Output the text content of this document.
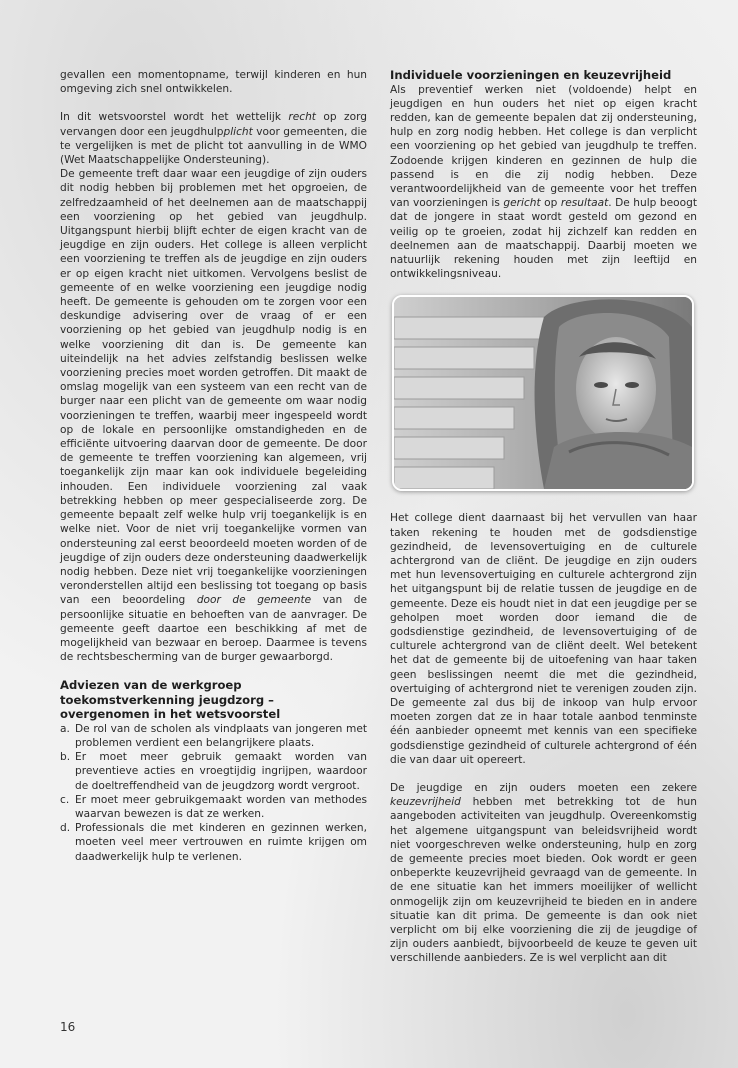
gevallen een momentopname, terwijl kinderen en hun omgeving zich snel ontwikkelen.

In dit wetsvoorstel wordt het wettelijk recht op zorg vervangen door een jeugdhulpplicht voor gemeenten, die te vergelijken is met de plicht tot aanvulling in de WMO (Wet Maatschappelijke Ondersteuning).

De gemeente treft daar waar een jeugdige of zijn ouders dit nodig hebben bij problemen met het opgroeien, de zelfredzaamheid of het deelnemen aan de maatschappij een voorziening op het gebied van jeugdhulp. Uitgangspunt hierbij blijft echter de eigen kracht van de jeugdige en zijn ouders. Het college is alleen verplicht een voorziening te treffen als de jeugdige en zijn ouders er op eigen kracht niet uitkomen. Vervolgens beslist de gemeente of en welke voorziening een jeugdige nodig heeft. De gemeente is gehouden om te zorgen voor een deskundige advisering over de vraag of er een voorziening op het gebied van jeugdhulp nodig is en welke voorziening dit dan is. De gemeente kan uiteindelijk na het advies zelfstandig beslissen welke voorziening precies moet worden getroffen. Dit maakt de omslag mogelijk van een systeem van een recht van de burger naar een plicht van de gemeente om waar nodig voorzieningen te treffen, waarbij meer ingespeeld wordt op de lokale en persoonlijke omstandigheden en de efficiënte uitvoering daarvan door de gemeente. De door de gemeente te treffen voorziening kan algemeen, vrij toegankelijk zijn maar kan ook individuele begeleiding inhouden. Een individuele voorziening zal vaak betrekking hebben op meer gespecialiseerde zorg. De gemeente bepaalt zelf welke hulp vrij toegankelijk is en welke niet. Voor de niet vrij toegankelijke vormen van ondersteuning zal eerst beoordeeld moeten worden of de jeugdige of zijn ouders deze ondersteuning daadwerkelijk nodig hebben. Deze niet vrij toegankelijke voorzieningen veronderstellen altijd een beslissing tot toegang op basis van een beoordeling door de gemeente van de persoonlijke situatie en behoeften van de aanvrager. De gemeente geeft daartoe een beschikking af met de mogelijkheid van bezwaar en beroep. Daarmee is tevens de rechtsbescherming van de burger gewaarborgd.

Adviezen van de werkgroep toekomstverkenning jeugdzorg – overgenomen in het wetsvoorstel
a. De rol van de scholen als vindplaats van jongeren met problemen verdient een belangrijkere plaats.
b. Er moet meer gebruik gemaakt worden van preventieve acties en vroegtijdig ingrijpen, waardoor de doeltreffendheid van de jeugdzorg wordt vergroot.
c. Er moet meer gebruikgemaakt worden van methodes waarvan bewezen is dat ze werken.
d. Professionals die met kinderen en gezinnen werken, moeten veel meer vertrouwen en ruimte krijgen om daadwerkelijk hulp te verlenen.
Individuele voorzieningen en keuzevrijheid

Als preventief werken niet (voldoende) helpt en jeugdigen en hun ouders het niet op eigen kracht redden, kan de gemeente bepalen dat zij ondersteuning, hulp en zorg nodig hebben. Het college is dan verplicht een voorziening op het gebied van jeugdhulp te treffen. Zodoende krijgen kinderen en gezinnen de hulp die passend is en die zij nodig hebben. Deze verantwoordelijkheid van de gemeente voor het treffen van voorzieningen is gericht op resultaat. De hulp beoogt dat de jongere in staat wordt gesteld om gezond en veilig op te groeien, zodat hij zichzelf kan redden en deelnemen aan de maatschappij. Daarbij moeten we natuurlijk rekening houden met zijn leeftijd en ontwikkelingsniveau.

Het college dient daarnaast bij het vervullen van haar taken rekening te houden met de godsdienstige gezindheid, de levensovertuiging en de culturele achtergrond van de cliënt. De jeugdige en zijn ouders met hun levensovertuiging en culturele achtergrond zijn het uitgangspunt bij de relatie tussen de jeugdige en de gemeente. Deze eis houdt niet in dat een jeugdige per se geholpen moet worden door iemand die de godsdienstige gezindheid, de levensovertuiging of de culturele achtergrond van de cliënt deelt. Wel betekent het dat de gemeente bij de uitoefening van haar taken geen beslissingen neemt die met die gezindheid, overtuiging of achtergrond niet te verenigen zouden zijn. De gemeente zal dus bij de inkoop van hulp ervoor moeten zorgen dat ze in haar totale aanbod tenminste één aanbieder opneemt met kennis van een specifieke godsdienstige gezindheid of culturele achtergrond of één die van daar uit opereert.

De jeugdige en zijn ouders moeten een zekere keuzevrijheid hebben met betrekking tot de hun aangeboden activiteiten van jeugdhulp. Overeenkomstig het algemene uitgangspunt van beleidsvrijheid wordt niet voorgeschreven welke ondersteuning, hulp en zorg de gemeente precies moet bieden. Ook wordt er geen onbeperkte keuzevrijheid gevraagd van de gemeente. In de ene situatie kan het immers moeilijker of wellicht onmogelijk zijn om keuzevrijheid te bieden en in andere situatie kan dit prima. De gemeente is dan ook niet verplicht om bij elke voorziening die zij de jeugdige of zijn ouders aanbiedt, bijvoorbeeld de keuze te geven uit verschillende aanbieders. Ze is wel verplicht aan dit

16
